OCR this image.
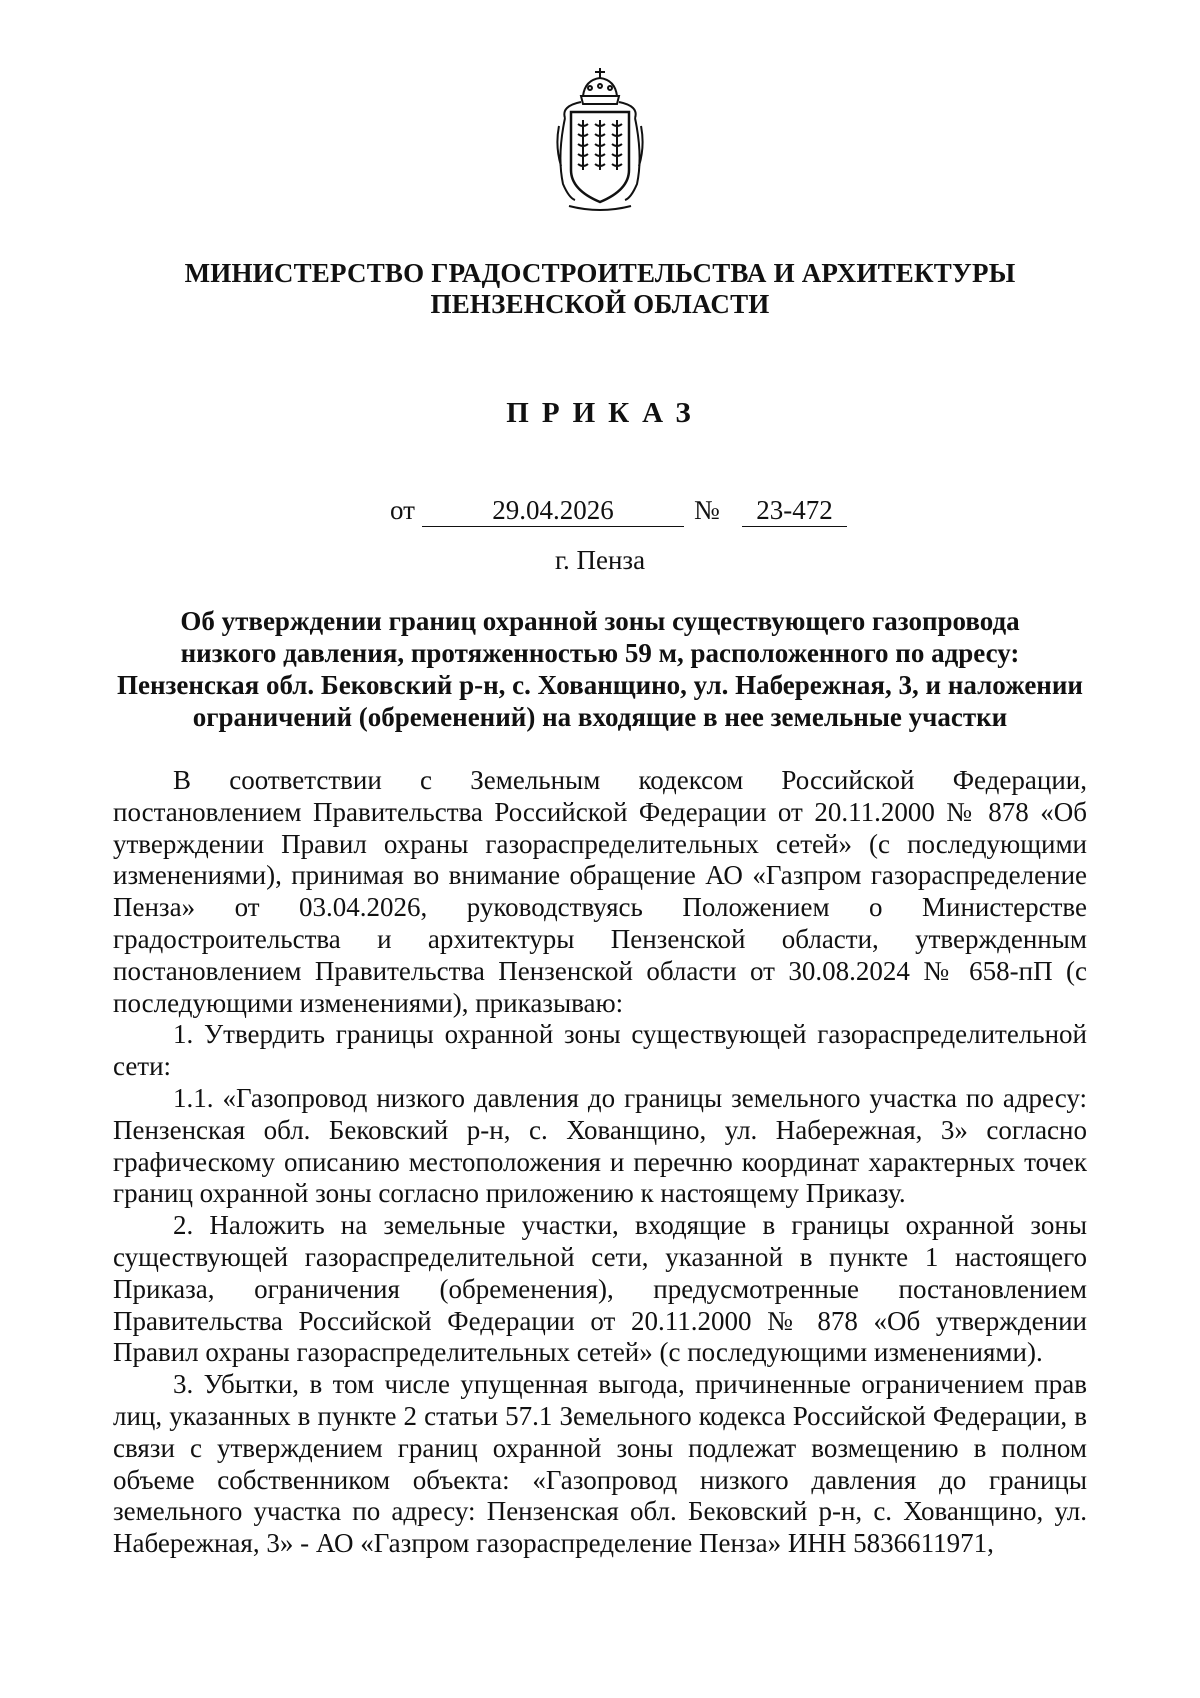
МИНИСТЕРСТВО ГРАДОСТРОИТЕЛЬСТВА И АРХИТЕКТУРЫ
ПЕНЗЕНСКОЙ ОБЛАСТИ
ПРИКАЗ
от	29.04.2026	№	23-472
г. Пенза
Об утверждении границ охранной зоны существующего газопровода
низкого давления, протяженностью 59 м, расположенного по адресу:
Пензенская обл. Бековский р-н, с. Хованщино, ул. Набережная, 3, и наложении
ограничений (обременений) на входящие в нее земельные участки

В соответствии с Земельным кодексом Российской Федерации, постановлением Правительства Российской Федерации от 20.11.2000 № 878 «Об утверждении Правил охраны газораспределительных сетей» (с последующими изменениями), принимая во внимание обращение АО «Газпром газораспределение Пенза» от 03.04.2026, руководствуясь Положением о Министерстве градостроительства и архитектуры Пензенской области, утвержденным постановлением Правительства Пензенской области от 30.08.2024 № 658-пП (с последующими изменениями), приказываю:

1. Утвердить границы охранной зоны существующей газораспределительной сети:

1.1. «Газопровод низкого давления до границы земельного участка по адресу: Пензенская обл. Бековский р-н, с. Хованщино, ул. Набережная, 3» согласно графическому описанию местоположения и перечню координат характерных точек границ охранной зоны согласно приложению к настоящему Приказу.

2. Наложить на земельные участки, входящие в границы охранной зоны существующей газораспределительной сети, указанной в пункте 1 настоящего Приказа, ограничения (обременения), предусмотренные постановлением Правительства Российской Федерации от 20.11.2000 № 878 «Об утверждении Правил охраны газораспределительных сетей» (с последующими изменениями).

3. Убытки, в том числе упущенная выгода, причиненные ограничением прав лиц, указанных в пункте 2 статьи 57.1 Земельного кодекса Российской Федерации, в связи с утверждением границ охранной зоны подлежат возмещению в полном объеме собственником объекта: «Газопровод низкого давления до границы земельного участка по адресу: Пензенская обл. Бековский р-н, с. Хованщино, ул. Набережная, 3» - АО «Газпром газораспределение Пенза» ИНН 5836611971,
